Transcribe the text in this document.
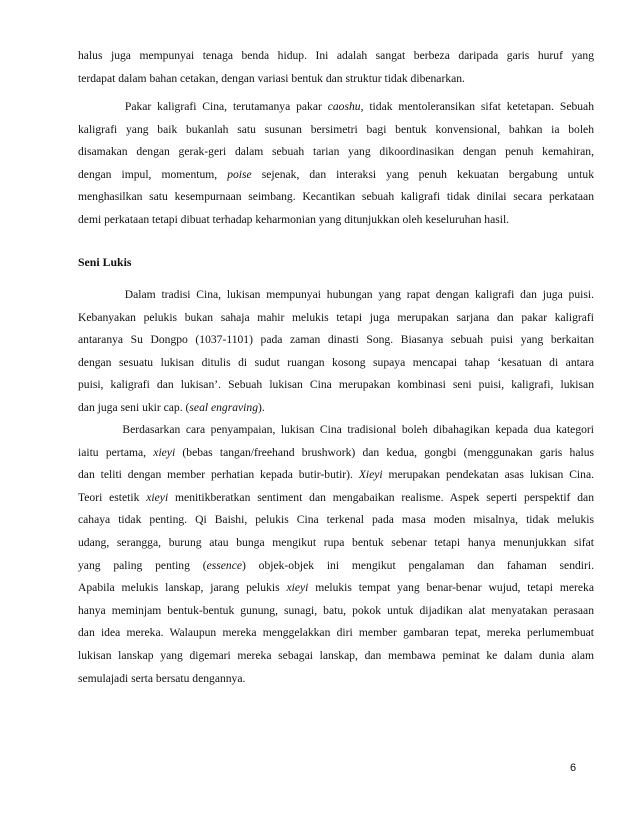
halus juga mempunyai tenaga benda hidup. Ini adalah sangat berbeza daripada garis huruf yang
terdapat dalam bahan cetakan, dengan variasi bentuk dan struktur tidak dibenarkan.
Pakar kaligrafi Cina, terutamanya pakar caoshu, tidak mentoleransikan sifat ketetapan. Sebuah
kaligrafi yang baik bukanlah satu susunan bersimetri bagi bentuk konvensional, bahkan ia boleh
disamakan dengan gerak-geri dalam sebuah tarian yang dikoordinasikan dengan penuh kemahiran,
dengan impul, momentum, poise sejenak, dan interaksi yang penuh kekuatan bergabung untuk
menghasilkan satu kesempurnaan seimbang. Kecantikan sebuah kaligrafi tidak dinilai secara perkataan
demi perkataan tetapi dibuat terhadap keharmonian yang ditunjukkan oleh keseluruhan hasil.
Seni Lukis
Dalam tradisi Cina, lukisan mempunyai hubungan yang rapat dengan kaligrafi dan juga puisi.
Kebanyakan pelukis bukan sahaja mahir melukis tetapi juga merupakan sarjana dan pakar kaligrafi
antaranya Su Dongpo (1037-1101) pada zaman dinasti Song. Biasanya sebuah puisi yang berkaitan
dengan sesuatu lukisan ditulis di sudut ruangan kosong supaya mencapai tahap ‘kesatuan di antara
puisi, kaligrafi dan lukisan’. Sebuah lukisan Cina merupakan kombinasi seni puisi, kaligrafi, lukisan
dan juga seni ukir cap. (seal engraving).
Berdasarkan cara penyampaian, lukisan Cina tradisional boleh dibahagikan kepada dua kategori
iaitu pertama, xieyi (bebas tangan/freehand brushwork) dan kedua, gongbi (menggunakan garis halus
dan teliti dengan member perhatian kepada butir-butir). Xieyi merupakan pendekatan asas lukisan Cina.
Teori estetik xieyi menitikberatkan sentiment dan mengabaikan realisme. Aspek seperti perspektif dan
cahaya tidak penting. Qi Baishi, pelukis Cina terkenal pada masa moden misalnya, tidak melukis
udang, serangga, burung atau bunga mengikut rupa bentuk sebenar tetapi hanya menunjukkan sifat
yang paling penting (essence) objek-objek ini mengikut pengalaman dan fahaman sendiri.
Apabila melukis lanskap, jarang pelukis xieyi melukis tempat yang benar-benar wujud, tetapi mereka
hanya meminjam bentuk-bentuk gunung, sunagi, batu, pokok untuk dijadikan alat menyatakan perasaan
dan idea mereka. Walaupun mereka menggelakkan diri member gambaran tepat, mereka perlumembuat
lukisan lanskap yang digemari mereka sebagai lanskap, dan membawa peminat ke dalam dunia alam
semulajadi serta bersatu dengannya.
6
